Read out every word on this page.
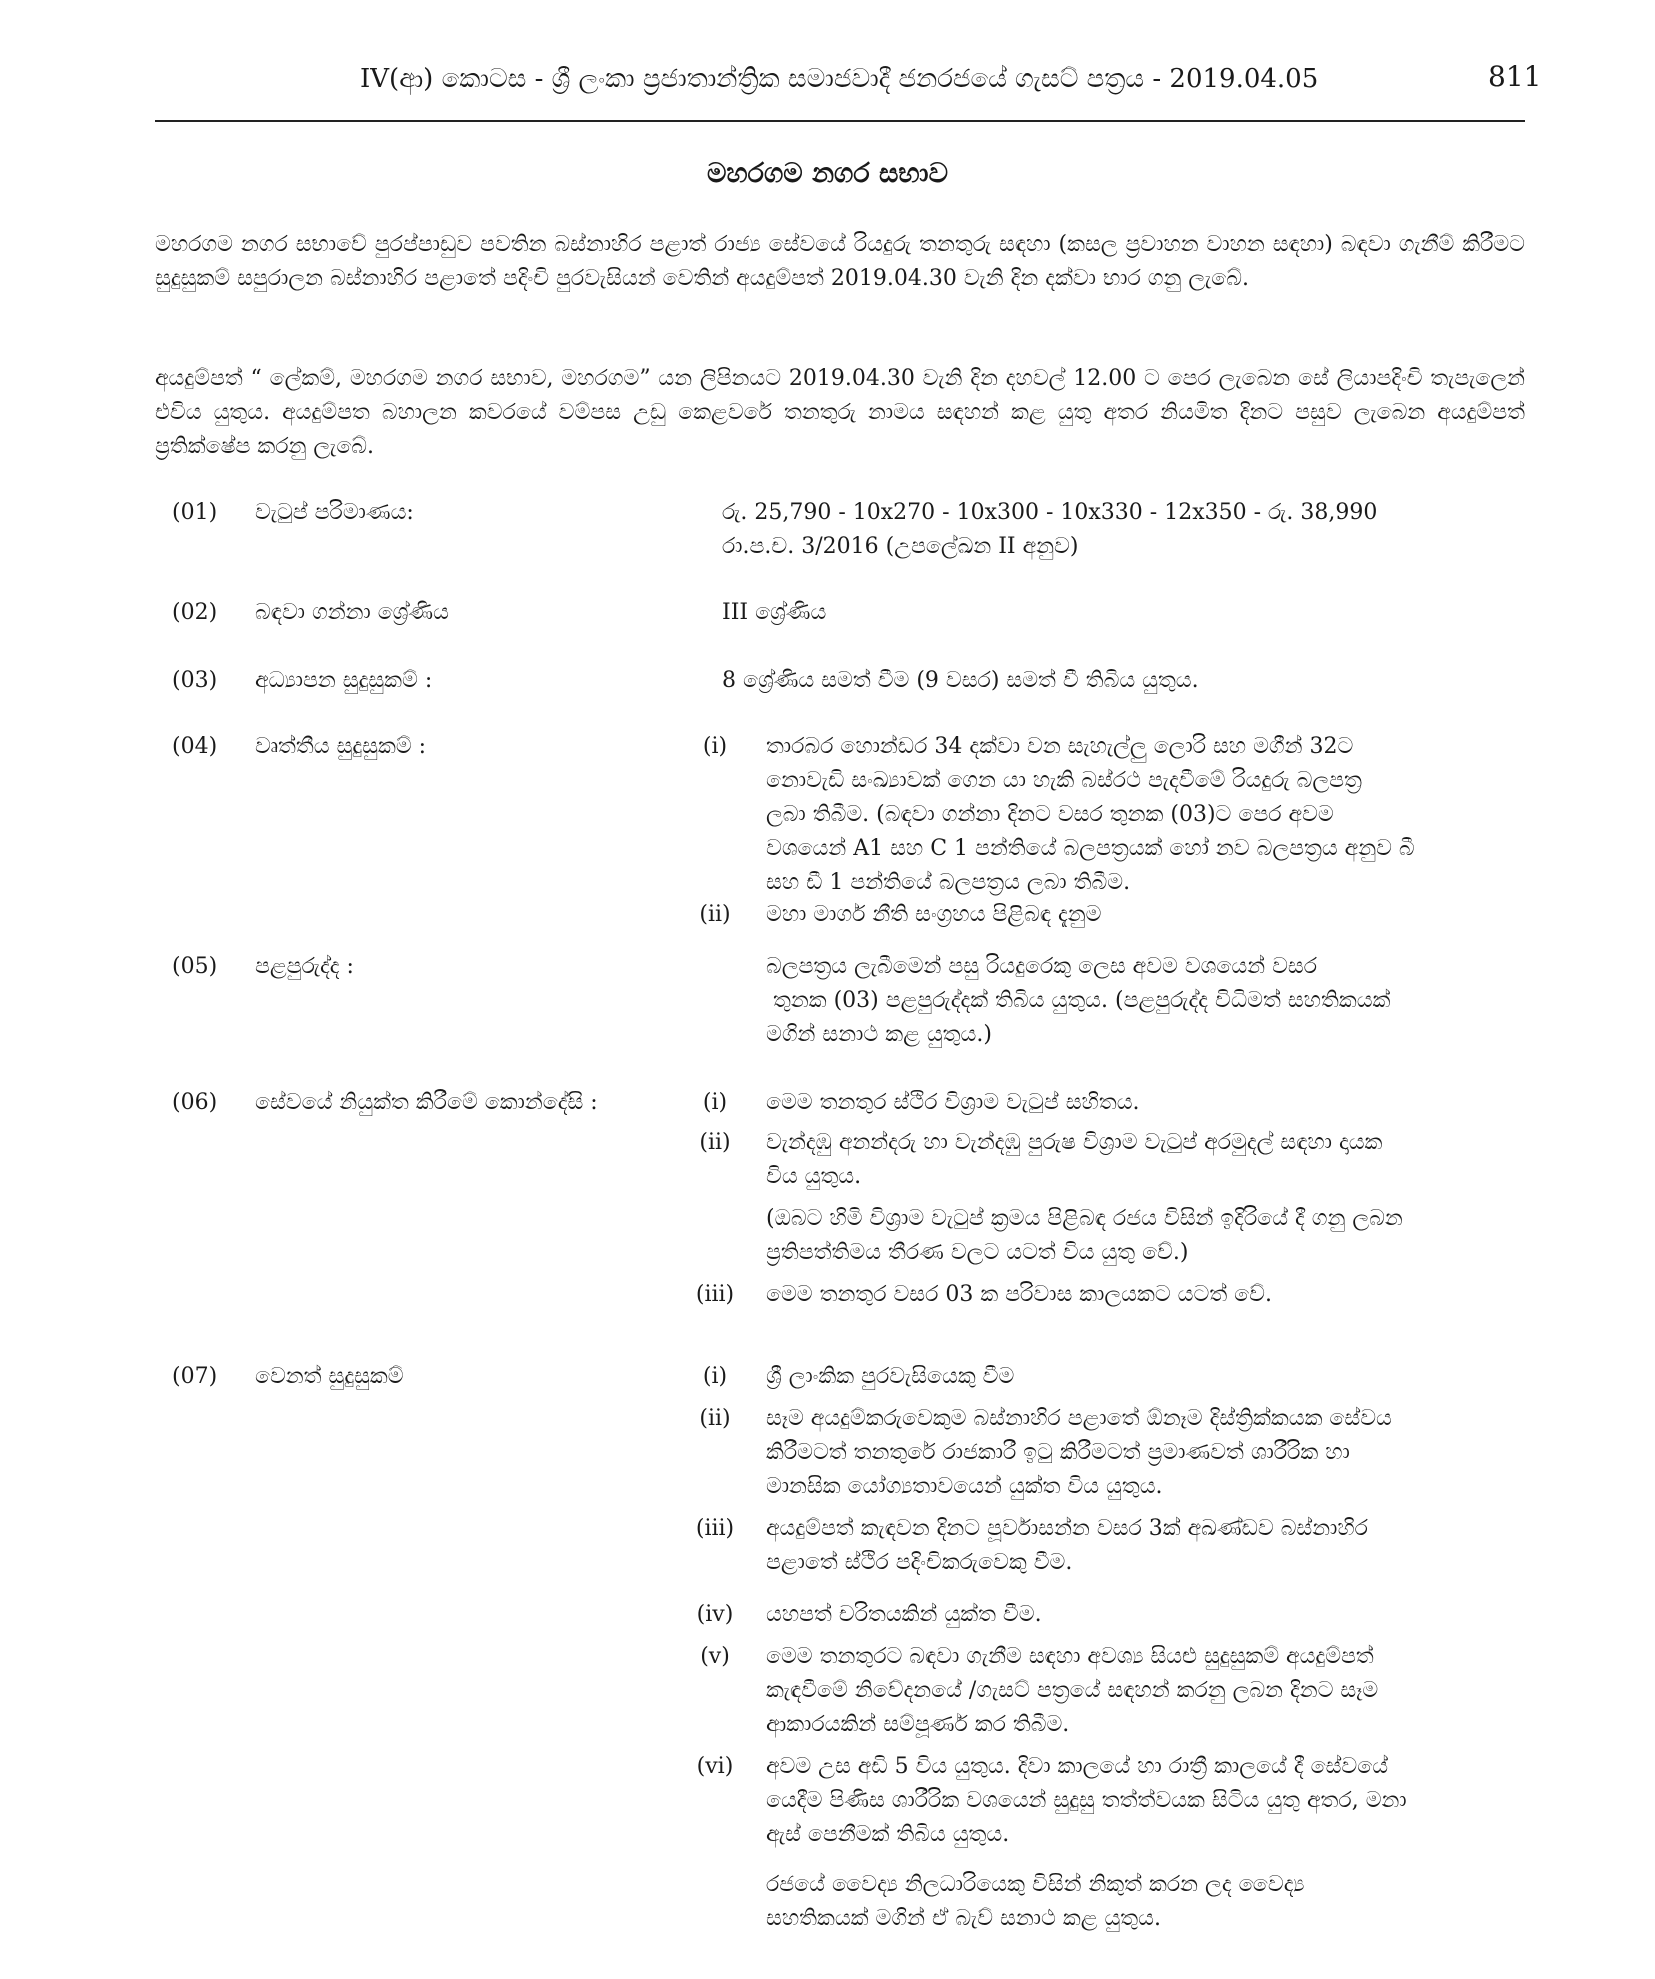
IV(ආ) කොටස - ශ්‍රී ලංකා ප්‍රජාතාන්ත්‍රික සමාජවාදී ජනරජයේ ගැසට් පත්‍රය - 2019.04.05	811
මහරගම නගර සභාව
මහරගම නගර සභාවේ පුරප්පාඩුව පවතින බස්නාහිර පළාත් රාජ්‍ය සේවයේ රියදුරු තනතුරු සඳහා (කසල ප්‍රවාහන වාහන සඳහා) බඳවා ගැනීම් කිරීමට සුදුසුකම් සපුරාලන බස්නාහිර පළාතේ පදිංචි පුරවැසියන් වෙතින් අයදුම්පත් 2019.04.30 වැනි දින දක්වා භාර ගනු ලැබේ.
අයදුම්පත් “ ලේකම්, මහරගම නගර සභාව, මහරගම” යන ලිපිනයට 2019.04.30 වැනි දින දහවල් 12.00 ට පෙර ලැබෙන සේ ලියාපදිංචි තැපැලෙන් එවිය යුතුය. අයදුම්පත බහාලන කවරයේ වම්පස උඩු කෙළවරේ තනතුරු නාමය සඳහන් කළ යුතු අතර නියමිත දිනට පසුව ලැබෙන අයදුම්පත් ප්‍රතික්ෂේප කරනු ලැබේ.
(01) වැටුප් පරිමාණය:	රු. 25,790 - 10x270 - 10x300 - 10x330 - 12x350 - රු. 38,990
රා.ප.ච. 3/2016 (උපලේඛන II අනුව)
(02) බඳවා ගන්නා ශ්‍රේණිය	III ශ්‍රේණිය
(03) අධ්‍යාපන සුදුසුකම් :	8 ශ්‍රේණිය සමත් වීම (9 වසර) සමත් වී තිබිය යුතුය.
(04) වෘත්තීය සුදුසුකම් :	(i)	තාරබර හොන්ඩර 34 දක්වා වන සැහැල්ලු ලොරි සහ මගීන් 32ට
නොවැඩි සංඛ්‍යාවක් ගෙන යා හැකි බස්රථ පැදවීමේ රියදුරු බලපත්‍ර
ලබා තිබීම. (බඳවා ගන්නා දිනට වසර තුනක (03)ට පෙර අවම
වශයෙන් A1 සහ C 1 පන්තියේ බලපත්‍රයක් හෝ නව බලපත්‍රය අනුව බී
සහ ඩී 1 පන්තියේ බලපත්‍රය ලබා තිබීම.
(ii)	මහා මාර්ග නීති සංග්‍රහය පිළිබඳ දැනුම
(05) පළපුරුද්ද :	බලපත්‍රය ලැබීමෙන් පසු රියදුරෙකු ලෙස අවම වශයෙන් වසර
තුනක (03) පළපුරුද්දක් තිබිය යුතුය. (පළපුරුද්ද විධිමත් සහතිකයක්
මගින් සනාථ කළ යුතුය.)
(06) සේවයේ නියුක්ත කිරීමේ කොන්දේසි :	(i)	මෙම තනතුර ස්ථිර විශ්‍රාම වැටුප් සහිතය.
(ii)	වැන්දඹු අනන්දරු හා වැන්දඹු පුරුෂ විශ්‍රාම වැටුප් අරමුදල් සඳහා දායක
විය යුතුය.
(ඔබට හිමි විශ්‍රාම වැටුප් ක්‍රමය පිළිබඳ රජය විසින් ඉදිරියේ දී ගනු ලබන
ප්‍රතිපත්තිමය තීරණ වලට යටත් විය යුතු වේ.)
(iii)	මෙම තනතුර වසර 03 ක පරිවාස කාලයකට යටත් වේ.
(07) වෙනත් සුදුසුකම්	(i)	ශ්‍රී ලාංකික පුරවැසියෙකු වීම
(ii)	සෑම අයදුම්කරුවෙකුම බස්නාහිර පළාතේ ඕනෑම දිස්ත්‍රික්කයක සේවය
කිරීමටත් තනතුරේ රාජකාරී ඉටු කිරීමටත් ප්‍රමාණවත් ශාරීරික හා
මානසික යෝග්‍යතාවයෙන් යුක්ත විය යුතුය.
(iii)	අයදුම්පත් කැඳවන දිනට පූර්වාසන්න වසර 3ක් අඛණ්ඩව බස්නාහිර
පළාතේ ස්ථිර පදිංචිකරුවෙකු වීම.
(iv)	යහපත් චරිතයකින් යුක්ත වීම.
(v)	මෙම තනතුරට බඳවා ගැනීම සඳහා අවශ්‍ය සියළු සුදුසුකම් අයදුම්පත්
කැඳවීමේ නිවේදනයේ /ගැසට් පත්‍රයේ සඳහන් කරනු ලබන දිනට සෑම
ආකාරයකින් සම්පූර්ණ කර තිබීම.
(vi)	අවම උස අඩි 5 විය යුතුය. දිවා කාලයේ හා රාත්‍රී කාලයේ දී සේවයේ
යෙදීම පිණිස ශාරීරික වශයෙන් සුදුසු තත්ත්වයක සිටිය යුතු අතර, මනා
ඇස් පෙනීමක් තිබිය යුතුය.
රජයේ වෛද්‍ය නිලධාරියෙකු විසින් නිකුත් කරන ලද වෛද්‍ය
සහතිකයක් මගින් ඒ බැව් සනාථ කළ යුතුය.
